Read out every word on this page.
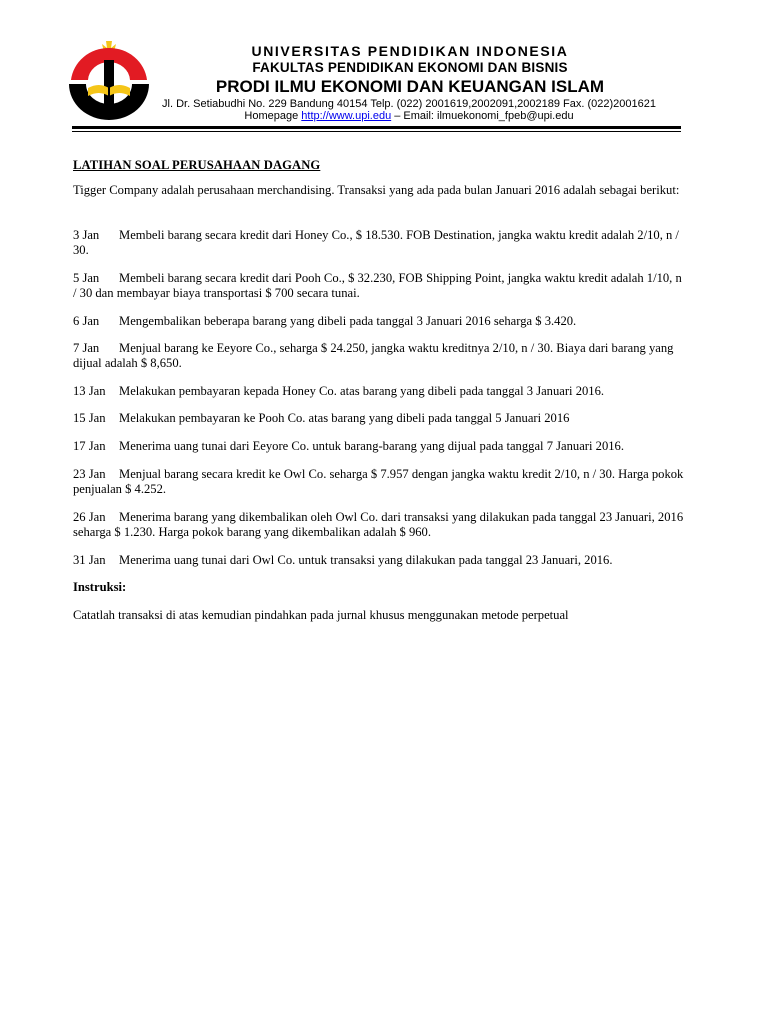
UNIVERSITAS PENDIDIKAN INDONESIA
FAKULTAS PENDIDIKAN EKONOMI DAN BISNIS
PRODI ILMU EKONOMI DAN KEUANGAN ISLAM
Jl. Dr. Setiabudhi No. 229 Bandung 40154 Telp. (022) 2001619,2002091,2002189 Fax. (022)2001621
Homepage http://www.upi.edu – Email: ilmuekonomi_fpeb@upi.edu
LATIHAN SOAL PERUSAHAAN DAGANG
Tigger Company adalah perusahaan merchandising. Transaksi yang ada pada bulan Januari 2016 adalah sebagai berikut:
3 Jan Membeli barang secara kredit dari Honey Co., $ 18.530. FOB Destination, jangka waktu kredit adalah 2/10, n / 30.
5 Jan Membeli barang secara kredit dari Pooh Co., $ 32.230, FOB Shipping Point, jangka waktu kredit adalah 1/10, n / 30 dan membayar biaya transportasi $ 700 secara tunai.
6 Jan Mengembalikan beberapa barang yang dibeli pada tanggal 3 Januari 2016 seharga $ 3.420.
7 Jan Menjual barang ke Eeyore Co., seharga $ 24.250, jangka waktu kreditnya 2/10, n / 30. Biaya dari barang yang dijual adalah $ 8,650.
13 Jan Melakukan pembayaran kepada Honey Co. atas barang yang dibeli pada tanggal 3 Januari 2016.
15 Jan Melakukan pembayaran ke Pooh Co. atas barang yang dibeli pada tanggal 5 Januari 2016
17 Jan Menerima uang tunai dari Eeyore Co. untuk barang-barang yang dijual pada tanggal 7 Januari 2016.
23 Jan Menjual barang secara kredit ke Owl Co. seharga $ 7.957 dengan jangka waktu kredit 2/10, n / 30. Harga pokok penjualan $ 4.252.
26 Jan Menerima barang yang dikembalikan oleh Owl Co. dari transaksi yang dilakukan pada tanggal 23 Januari, 2016 seharga $ 1.230. Harga pokok barang yang dikembalikan adalah $ 960.
31 Jan Menerima uang tunai dari Owl Co. untuk transaksi yang dilakukan pada tanggal 23 Januari, 2016.
Instruksi:
Catatlah transaksi di atas kemudian pindahkan pada jurnal khusus menggunakan metode perpetual
